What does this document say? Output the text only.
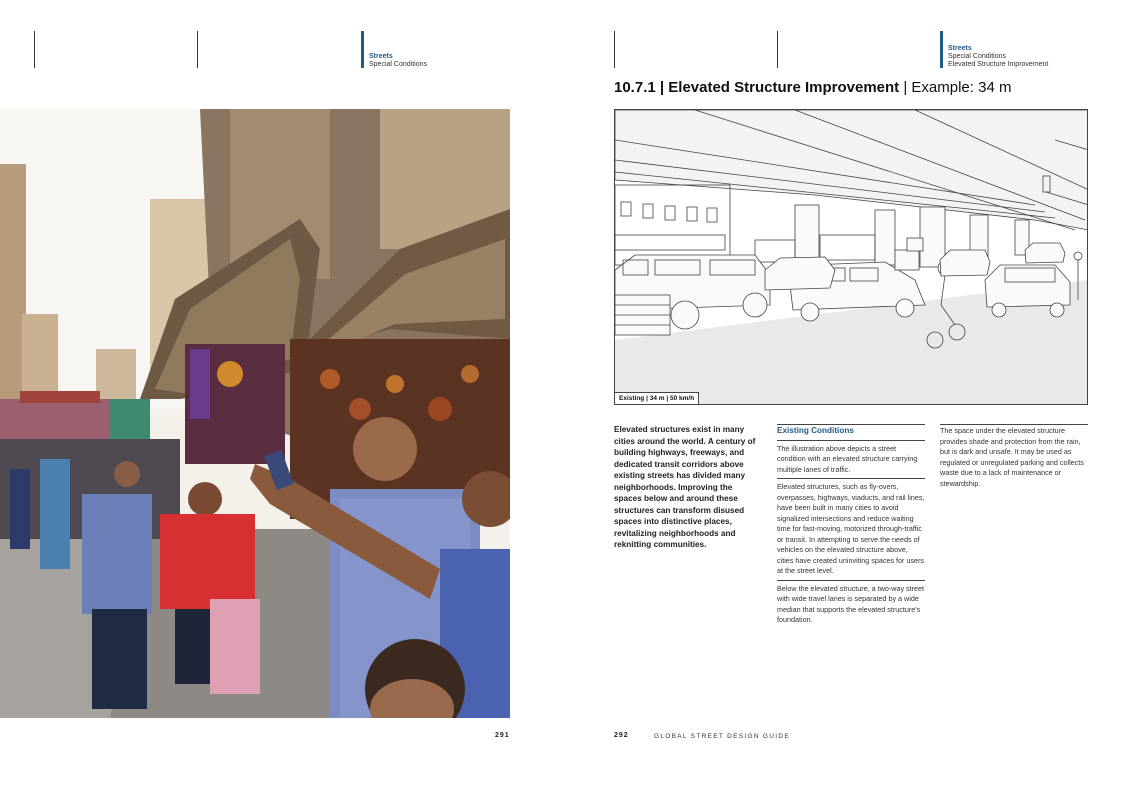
Streets
Special Conditions
291
Streets
Special Conditions
Elevated Structure Improvement
10.7.1 | Elevated Structure Improvement | Example: 34 m
Existing | 34 m | 50 km/h
Elevated structures exist in many cities around the world. A century of building highways, freeways, and dedicated transit corridors above existing streets has divided many neighborhoods. Improving the spaces below and around these structures can transform disused spaces into distinctive places, revitalizing neighborhoods and reknitting communities.
Existing Conditions
The illustration above depicts a street condition with an elevated structure carrying multiple lanes of traffic.
Elevated structures, such as fly-overs, overpasses, highways, viaducts, and rail lines, have been built in many cities to avoid signalized intersections and reduce waiting time for fast-moving, motorized through-traffic or transit. In attempting to serve the needs of vehicles on the elevated structure above, cities have created uninviting spaces for users at the street level.
Below the elevated structure, a two-way street with wide travel lanes is separated by a wide median that supports the elevated structure's foundation.
The space under the elevated structure provides shade and protection from the rain, but is dark and unsafe. It may be used as regulated or unregulated parking and collects waste due to a lack of maintenance or stewardship.
292	GLOBAL STREET DESIGN GUIDE
